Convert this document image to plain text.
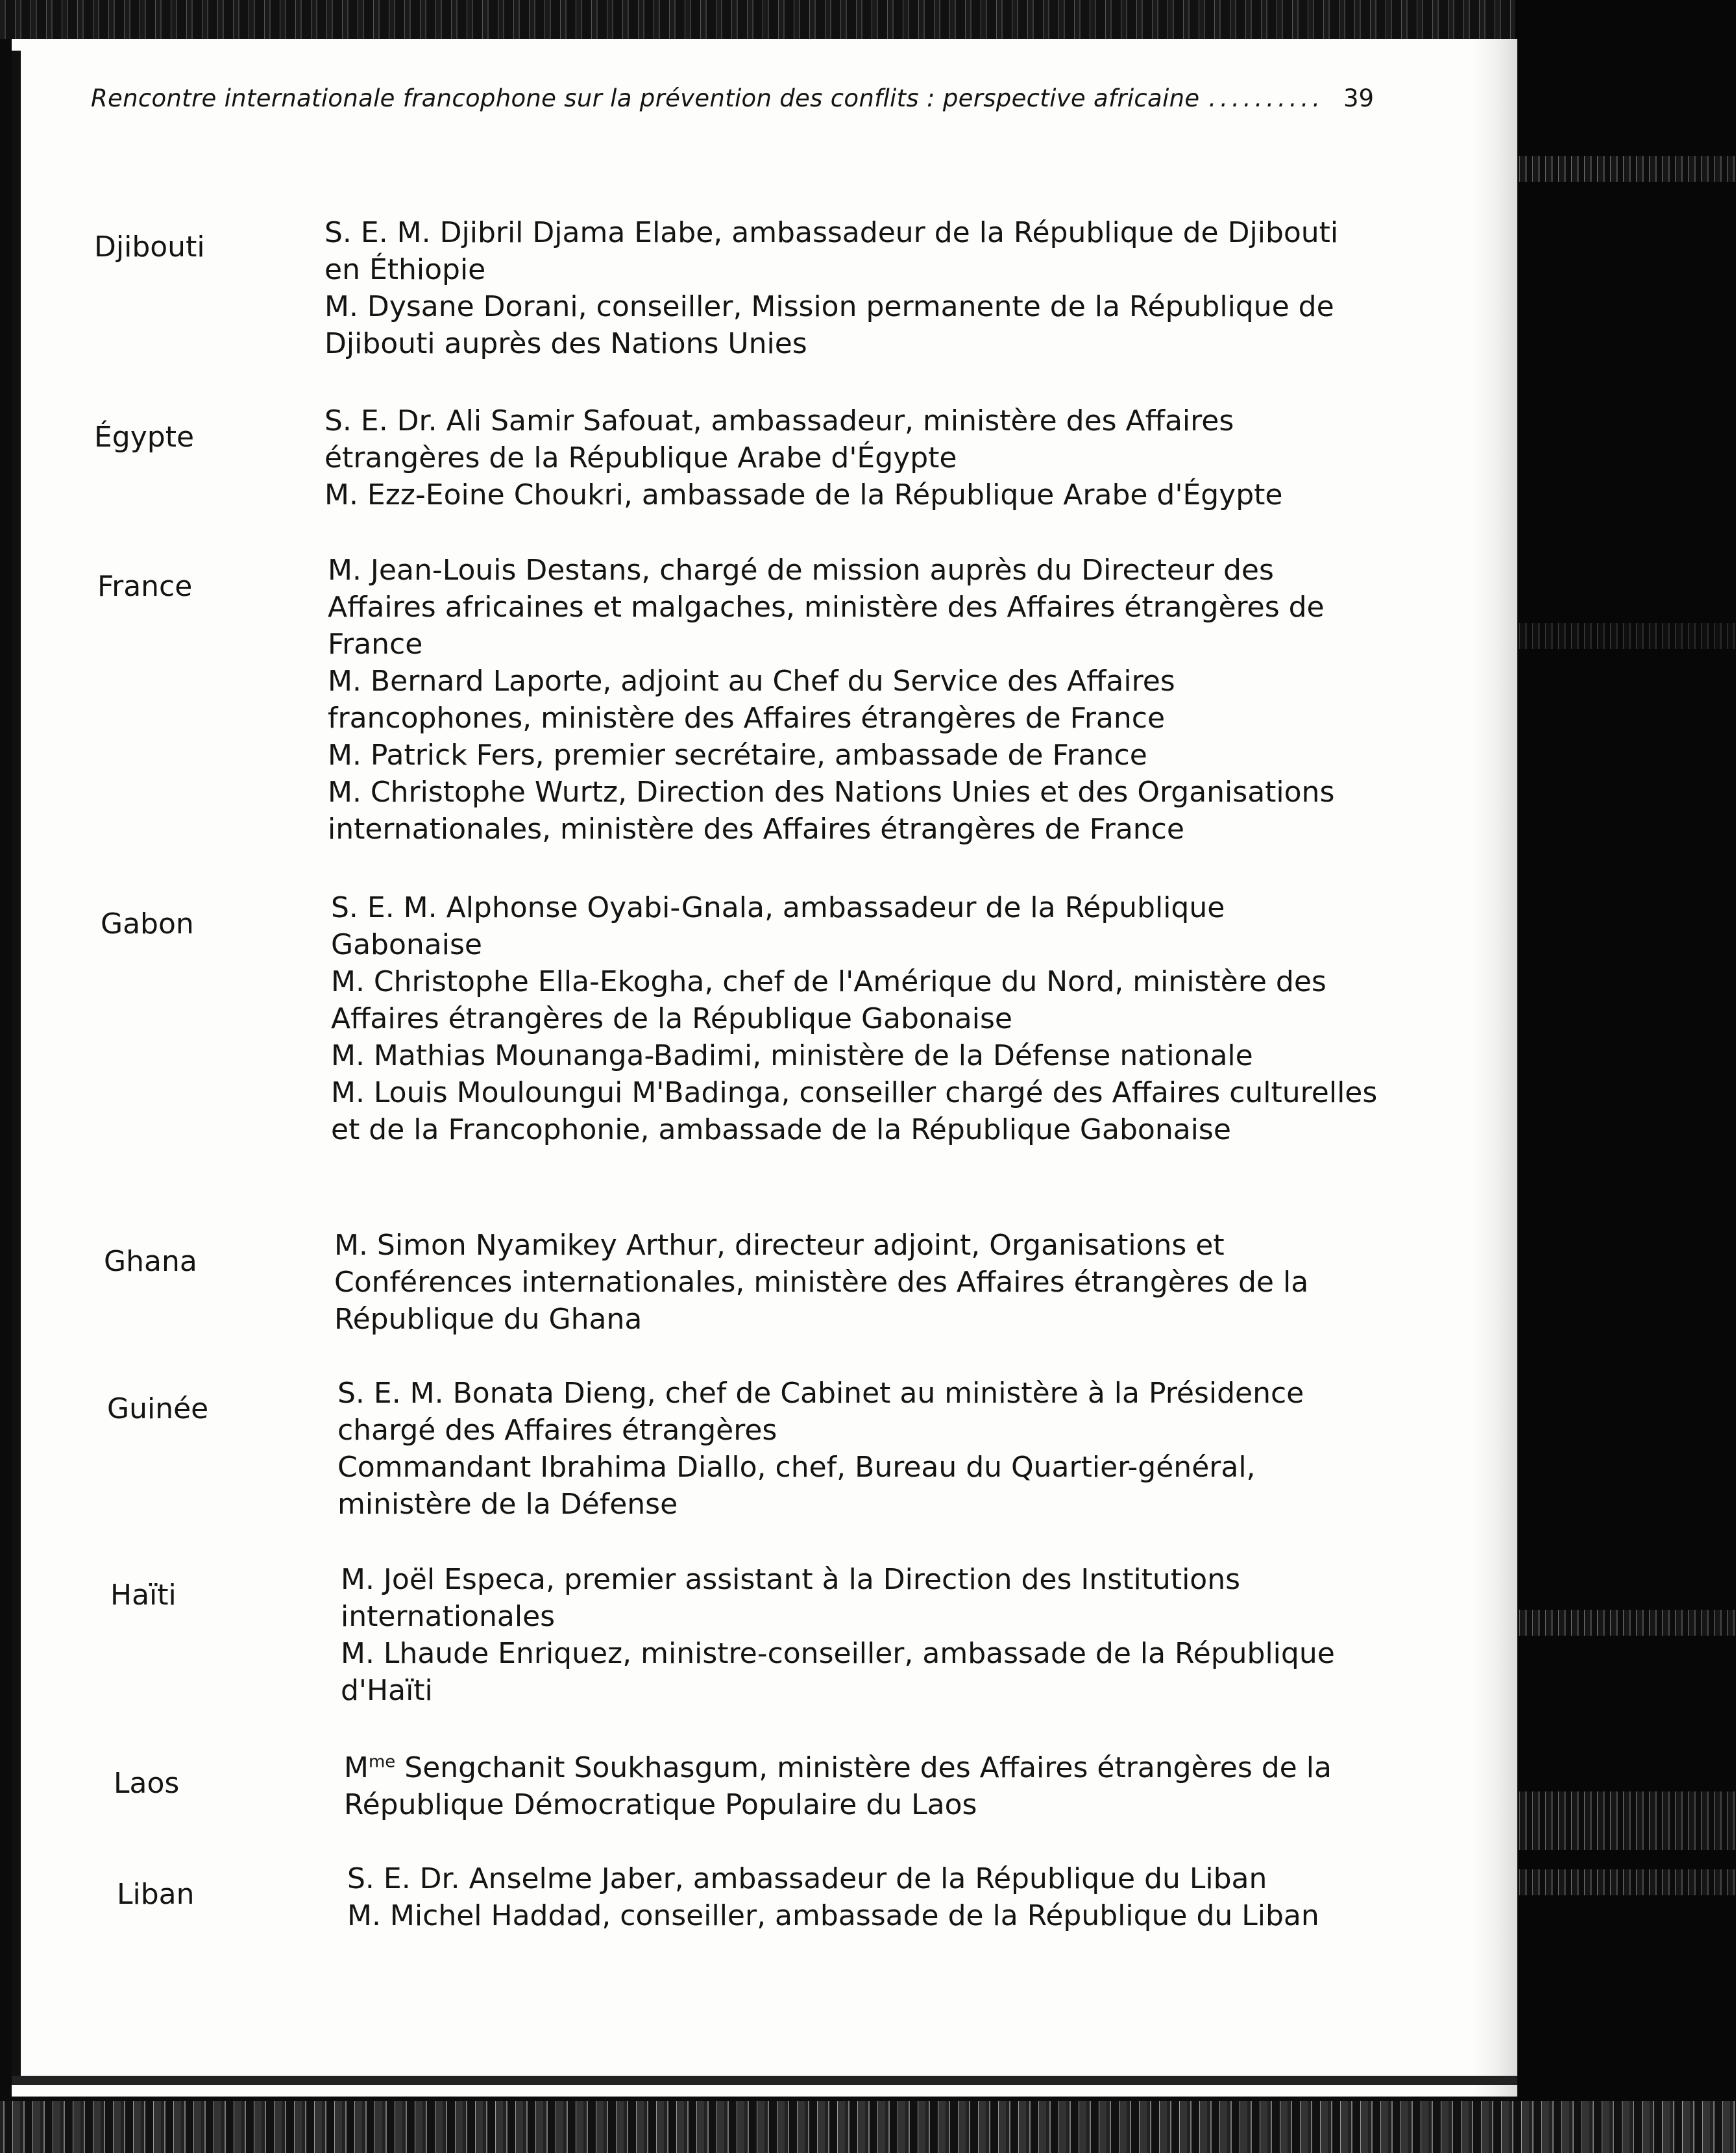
Rencontre internationale francophone sur la prévention des conflits : perspective africaine .......... 39
Djibouti	S. E. M. Djibril Djama Elabe, ambassadeur de la République de Djibouti en Éthiopie
M. Dysane Dorani, conseiller, Mission permanente de la République de Djibouti auprès des Nations Unies
Égypte	S. E. Dr. Ali Samir Safouat, ambassadeur, ministère des Affaires étrangères de la République Arabe d'Égypte
M. Ezz-Eoine Choukri, ambassade de la République Arabe d'Égypte
France	M. Jean-Louis Destans, chargé de mission auprès du Directeur des Affaires africaines et malgaches, ministère des Affaires étrangères de France
M. Bernard Laporte, adjoint au Chef du Service des Affaires francophones, ministère des Affaires étrangères de France
M. Patrick Fers, premier secrétaire, ambassade de France
M. Christophe Wurtz, Direction des Nations Unies et des Organisations internationales, ministère des Affaires étrangères de France
Gabon	S. E. M. Alphonse Oyabi-Gnala, ambassadeur de la République Gabonaise
M. Christophe Ella-Ekogha, chef de l'Amérique du Nord, ministère des Affaires étrangères de la République Gabonaise
M. Mathias Mounanga-Badimi, ministère de la Défense nationale
M. Louis Mouloungui M'Badinga, conseiller chargé des Affaires culturelles et de la Francophonie, ambassade de la République Gabonaise
Ghana	M. Simon Nyamikey Arthur, directeur adjoint, Organisations et Conférences internationales, ministère des Affaires étrangères de la République du Ghana
Guinée	S. E. M. Bonata Dieng, chef de Cabinet au ministère à la Présidence chargé des Affaires étrangères
Commandant Ibrahima Diallo, chef, Bureau du Quartier-général, ministère de la Défense
Haïti	M. Joël Especa, premier assistant à la Direction des Institutions internationales
M. Lhaude Enriquez, ministre-conseiller, ambassade de la République d'Haïti
Laos	$M^{me}$ Sengchanit Soukhasgum, ministère des Affaires étrangères de la République Démocratique Populaire du Laos
Liban	S. E. Dr. Anselme Jaber, ambassadeur de la République du Liban
M. Michel Haddad, conseiller, ambassade de la République du Liban
